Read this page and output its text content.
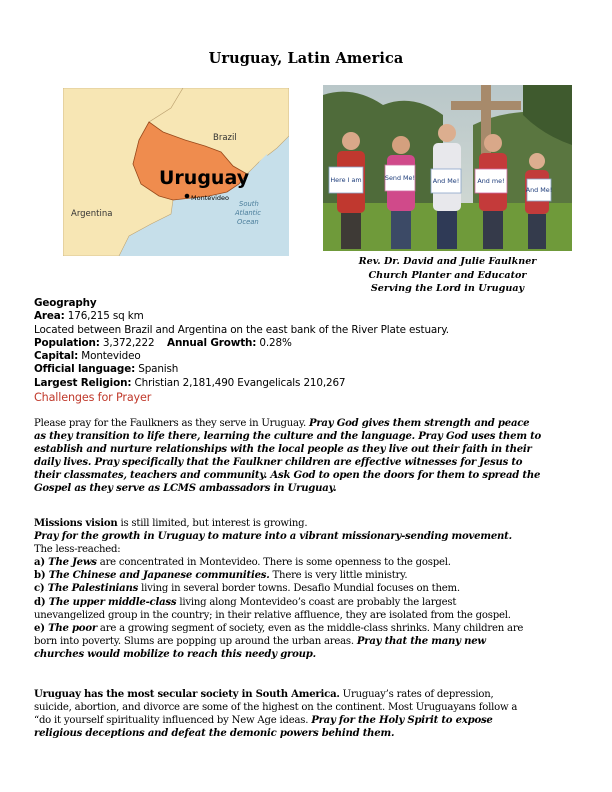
Uruguay, Latin America
Brazil
Uruguay
Argentina
Montevideo
South
Atlantic
Ocean
Here I am	Send Me!	And Me!	And me!
And Me!
Rev. Dr. David and Julie Faulkner
Church Planter and Educator
Serving the Lord in Uruguay
Geography
Area: 176,215 sq km
Located between Brazil and Argentina on the east bank of the River Plate estuary.
Population: 3,372,222 Annual Growth: 0.28%
Capital: Montevideo
Official language: Spanish
Largest Religion: Christian 2,181,490 Evangelicals 210,267
Challenges for Prayer
Please pray for the Faulkners as they serve in Uruguay. Pray God gives them strength and peace
as they transition to life there, learning the culture and the language. Pray God uses them to
establish and nurture relationships with the local people as they live out their faith in their
daily lives. Pray specifically that the Faulkner children are effective witnesses for Jesus to
their classmates, teachers and community. Ask God to open the doors for them to spread the
Gospel as they serve as LCMS ambassadors in Uruguay.
Missions vision is still limited, but interest is growing.
Pray for the growth in Uruguay to mature into a vibrant missionary-sending movement.
The less-reached:
a) The Jews are concentrated in Montevideo. There is some openness to the gospel.
b) The Chinese and Japanese communities. There is very little ministry.
c) The Palestinians living in several border towns. Desafio Mundial focuses on them.
d) The upper middle-class living along Montevideo’s coast are probably the largest
unevangelized group in the country; in their relative affluence, they are isolated from the gospel.
e) The poor are a growing segment of society, even as the middle-class shrinks. Many children are
born into poverty. Slums are popping up around the urban areas. Pray that the many new
churches would mobilize to reach this needy group.
Uruguay has the most secular society in South America. Uruguay’s rates of depression,
suicide, abortion, and divorce are some of the highest on the continent. Most Uruguayans follow a
“do it yourself spirituality influenced by New Age ideas. Pray for the Holy Spirit to expose
religious deceptions and defeat the demonic powers behind them.
